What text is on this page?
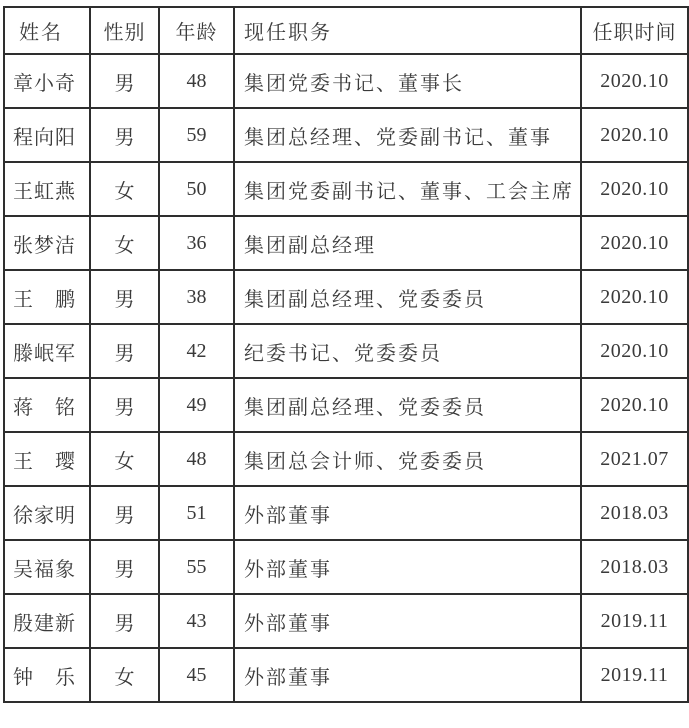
姓名	性别	年龄	现任职务	任职时间
章小奇	男	48	集团党委书记、董事长	2020.10
程向阳	男	59	集团总经理、党委副书记、董事	2020.10
王虹燕	女	50	集团党委副书记、董事、工会主席	2020.10
张梦洁	女	36	集团副总经理	2020.10
王　鹏	男	38	集团副总经理、党委委员	2020.10
滕岷军	男	42	纪委书记、党委委员	2020.10
蒋　铭	男	49	集团副总经理、党委委员	2020.10
王　璎	女	48	集团总会计师、党委委员	2021.07
徐家明	男	51	外部董事	2018.03
吴福象	男	55	外部董事	2018.03
殷建新	男	43	外部董事	2019.11
钟　乐	女	45	外部董事	2019.11
